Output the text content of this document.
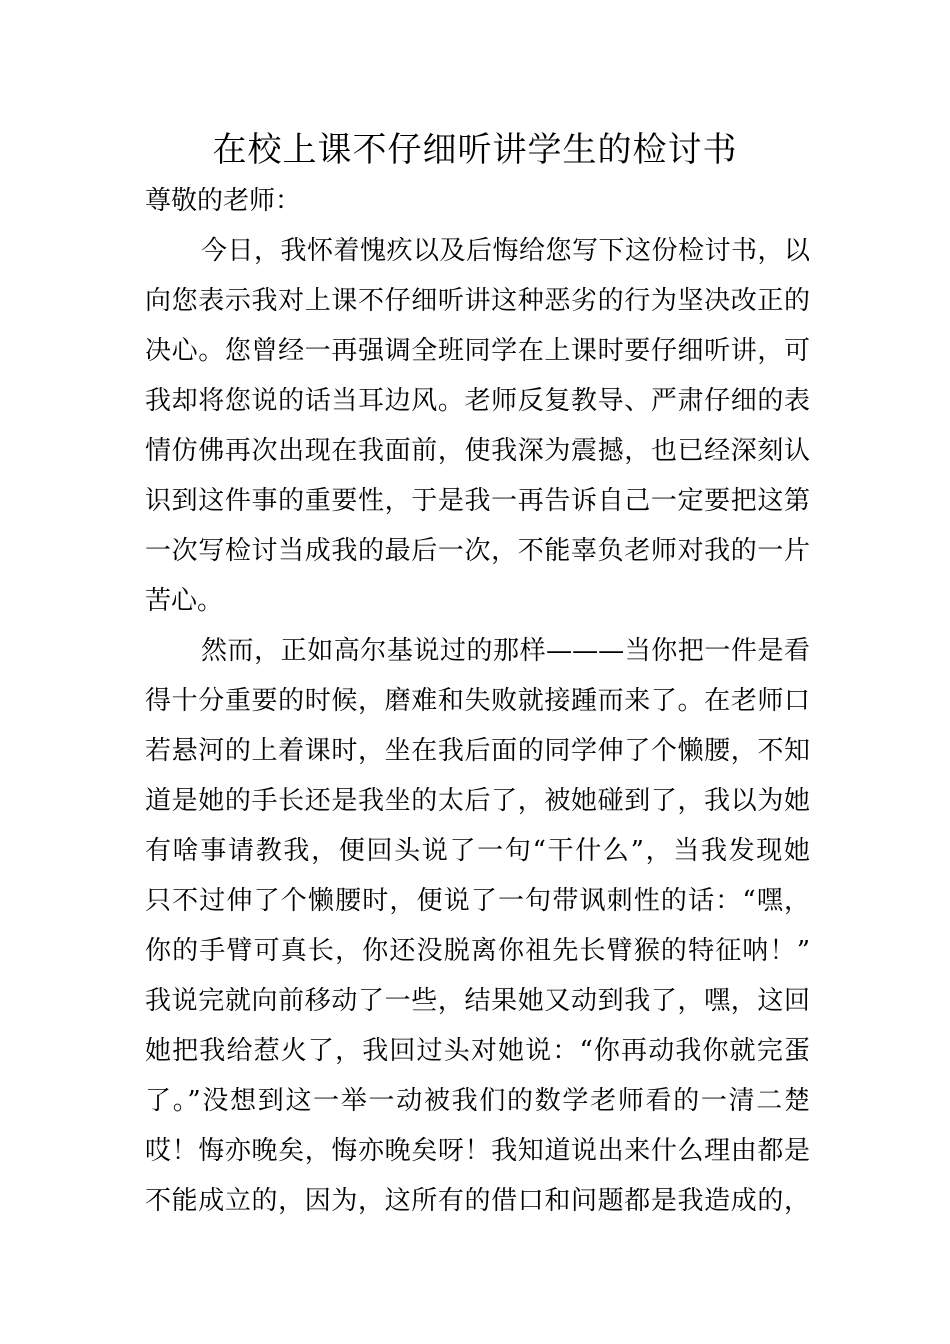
在校上课不仔细听讲学生的检讨书
尊敬的老师：
今日，我怀着愧疚以及后悔给您写下这份检讨书，以
向您表示我对上课不仔细听讲这种恶劣的行为坚决改正的
决心。您曾经一再强调全班同学在上课时要仔细听讲，可
我却将您说的话当耳边风。老师反复教导、严肃仔细的表
情仿佛再次出现在我面前，使我深为震撼，也已经深刻认
识到这件事的重要性，于是我一再告诉自己一定要把这第
一次写检讨当成我的最后一次，不能辜负老师对我的一片
苦心。
然而，正如高尔基说过的那样———当你把一件是看
得十分重要的时候，磨难和失败就接踵而来了。在老师口
若悬河的上着课时，坐在我后面的同学伸了个懒腰，不知
道是她的手长还是我坐的太后了，被她碰到了，我以为她
有啥事请教我，便回头说了一句“干什么”，当我发现她
只不过伸了个懒腰时，便说了一句带讽刺性的话：“嘿，
你的手臂可真长，你还没脱离你祖先长臂猴的特征呐！”
我说完就向前移动了一些，结果她又动到我了，嘿，这回
她把我给惹火了，我回过头对她说：“你再动我你就完蛋
了。”没想到这一举一动被我们的数学老师看的一清二楚
哎！悔亦晚矣，悔亦晚矣呀！我知道说出来什么理由都是
不能成立的，因为，这所有的借口和问题都是我造成的，
